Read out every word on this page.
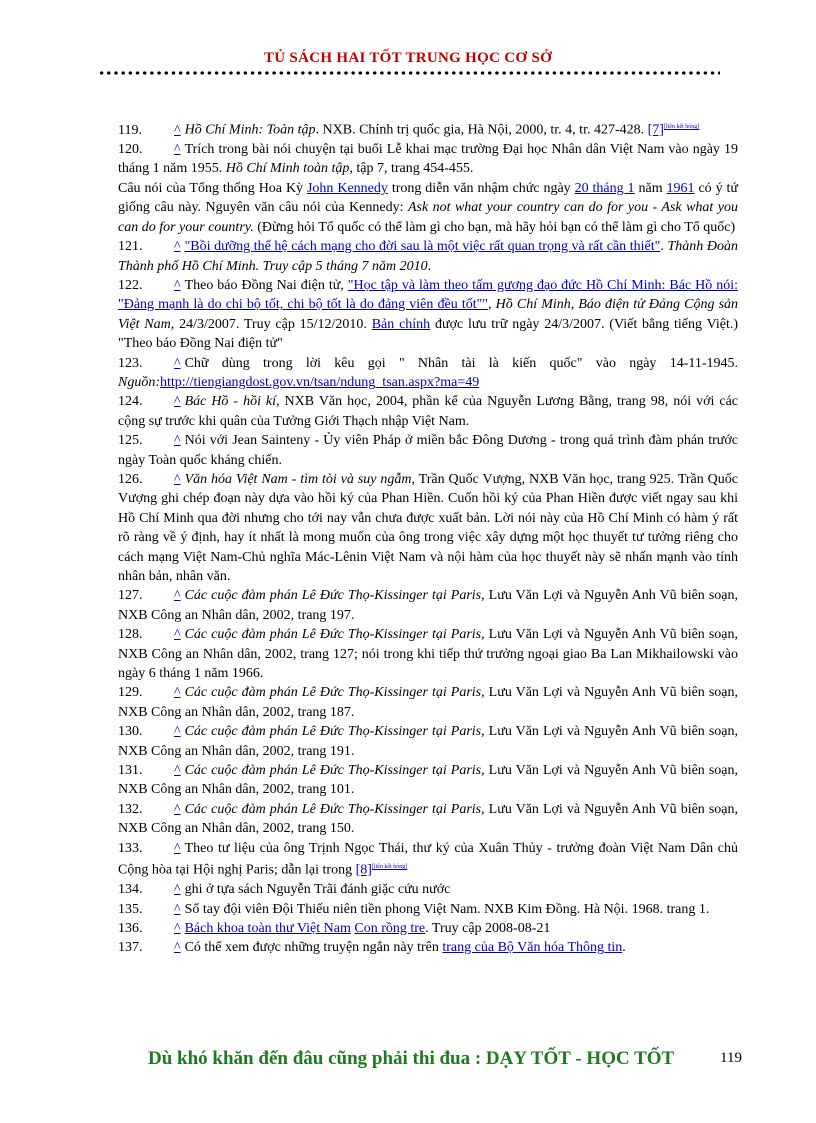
TỦ SÁCH HAI TỐT TRUNG HỌC CƠ SỞ
119. ^ Hồ Chí Minh: Toàn tập. NXB. Chính trị quốc gia, Hà Nội, 2000, tr. 4, tr. 427-428. [7][liên kết hỏng]
120. ^ Trích trong bài nói chuyện tại buổi Lễ khai mạc trường Đại học Nhân dân Việt Nam vào ngày 19 tháng 1 năm 1955. Hồ Chí Minh toàn tập, tập 7, trang 454-455.
Câu nói của Tổng thống Hoa Kỳ John Kennedy trong diễn văn nhậm chức ngày 20 tháng 1 năm 1961 có ý tứ giống câu này. Nguyên văn câu nói của Kennedy: Ask not what your country can do for you - Ask what you can do for your country. (Đừng hỏi Tổ quốc có thể làm gì cho bạn, mà hãy hỏi bạn có thể làm gì cho Tổ quốc)
121. ^ "Bồi dưỡng thế hệ cách mạng cho đời sau là một việc rất quan trọng và rất cần thiết". Thành Đoàn Thành phố Hồ Chí Minh. Truy cập 5 tháng 7 năm 2010.
122. ^ Theo báo Đồng Nai điện tử, "Học tập và làm theo tấm gương đạo đức Hồ Chí Minh: Bác Hồ nói: "Đảng mạnh là do chi bộ tốt, chi bộ tốt là do đảng viên đều tốt"", Hồ Chí Minh, Báo điện tử Đảng Cộng sản Việt Nam, 24/3/2007. Truy cập 15/12/2010. Bản chính được lưu trữ ngày 24/3/2007. (Viết bằng tiếng Việt.) "Theo báo Đồng Nai điện tử"
123. ^ Chữ dùng trong lời kêu gọi " Nhân tài là kiến quốc" vào ngày 14-11-1945. Nguồn:http://tiengiangdost.gov.vn/tsan/ndung_tsan.aspx?ma=49
124. ^ Bác Hồ - hồi kí, NXB Văn học, 2004, phần kể của Nguyễn Lương Bằng, trang 98, nói với các cộng sự trước khi quân của Tưởng Giới Thạch nhập Việt Nam.
125. ^ Nói với Jean Sainteny - Ủy viên Pháp ở miền bắc Đông Dương - trong quá trình đàm phán trước ngày Toàn quốc kháng chiến.
126. ^ Văn hóa Việt Nam - tìm tòi và suy ngẫm, Trần Quốc Vượng, NXB Văn học, trang 925. Trần Quốc Vượng ghi chép đoạn này dựa vào hồi ký của Phan Hiền. Cuốn hồi ký của Phan Hiền được viết ngay sau khi Hồ Chí Minh qua đời nhưng cho tới nay vẫn chưa được xuất bản. Lời nói này của Hồ Chí Minh có hàm ý rất rõ ràng về ý định, hay ít nhất là mong muốn của ông trong việc xây dựng một học thuyết tư tưởng riêng cho cách mạng Việt Nam-Chủ nghĩa Mác-Lênin Việt Nam và nội hàm của học thuyết này sẽ nhấn mạnh vào tính nhân bản, nhân văn.
127. ^ Các cuộc đàm phán Lê Đức Thọ-Kissinger tại Paris, Lưu Văn Lợi và Nguyễn Anh Vũ biên soạn, NXB Công an Nhân dân, 2002, trang 197.
128. ^ Các cuộc đàm phán Lê Đức Thọ-Kissinger tại Paris, Lưu Văn Lợi và Nguyễn Anh Vũ biên soạn, NXB Công an Nhân dân, 2002, trang 127; nói trong khi tiếp thứ trưởng ngoại giao Ba Lan Mikhailowski vào ngày 6 tháng 1 năm 1966.
129. ^ Các cuộc đàm phán Lê Đức Thọ-Kissinger tại Paris, Lưu Văn Lợi và Nguyễn Anh Vũ biên soạn, NXB Công an Nhân dân, 2002, trang 187.
130. ^ Các cuộc đàm phán Lê Đức Thọ-Kissinger tại Paris, Lưu Văn Lợi và Nguyễn Anh Vũ biên soạn, NXB Công an Nhân dân, 2002, trang 191.
131. ^ Các cuộc đàm phán Lê Đức Thọ-Kissinger tại Paris, Lưu Văn Lợi và Nguyễn Anh Vũ biên soạn, NXB Công an Nhân dân, 2002, trang 101.
132. ^ Các cuộc đàm phán Lê Đức Thọ-Kissinger tại Paris, Lưu Văn Lợi và Nguyễn Anh Vũ biên soạn, NXB Công an Nhân dân, 2002, trang 150.
133. ^ Theo tư liệu của ông Trịnh Ngọc Thái, thư ký của Xuân Thủy - trưởng đoàn Việt Nam Dân chủ Cộng hòa tại Hội nghị Paris; dẫn lại trong [8][liên kết hỏng]
134. ^ ghi ở tựa sách Nguyễn Trãi đánh giặc cứu nước
135. ^ Sổ tay đội viên Đội Thiếu niên tiền phong Việt Nam. NXB Kim Đồng. Hà Nội. 1968. trang 1.
136. ^ Bách khoa toàn thư Việt Nam Con rồng tre. Truy cập 2008-08-21
137. ^ Có thể xem được những truyện ngắn này trên trang của Bộ Văn hóa Thông tin.
Dù khó khăn đến đâu cũng phải thi đua : DẠY TỐT - HỌC TỐT	119
